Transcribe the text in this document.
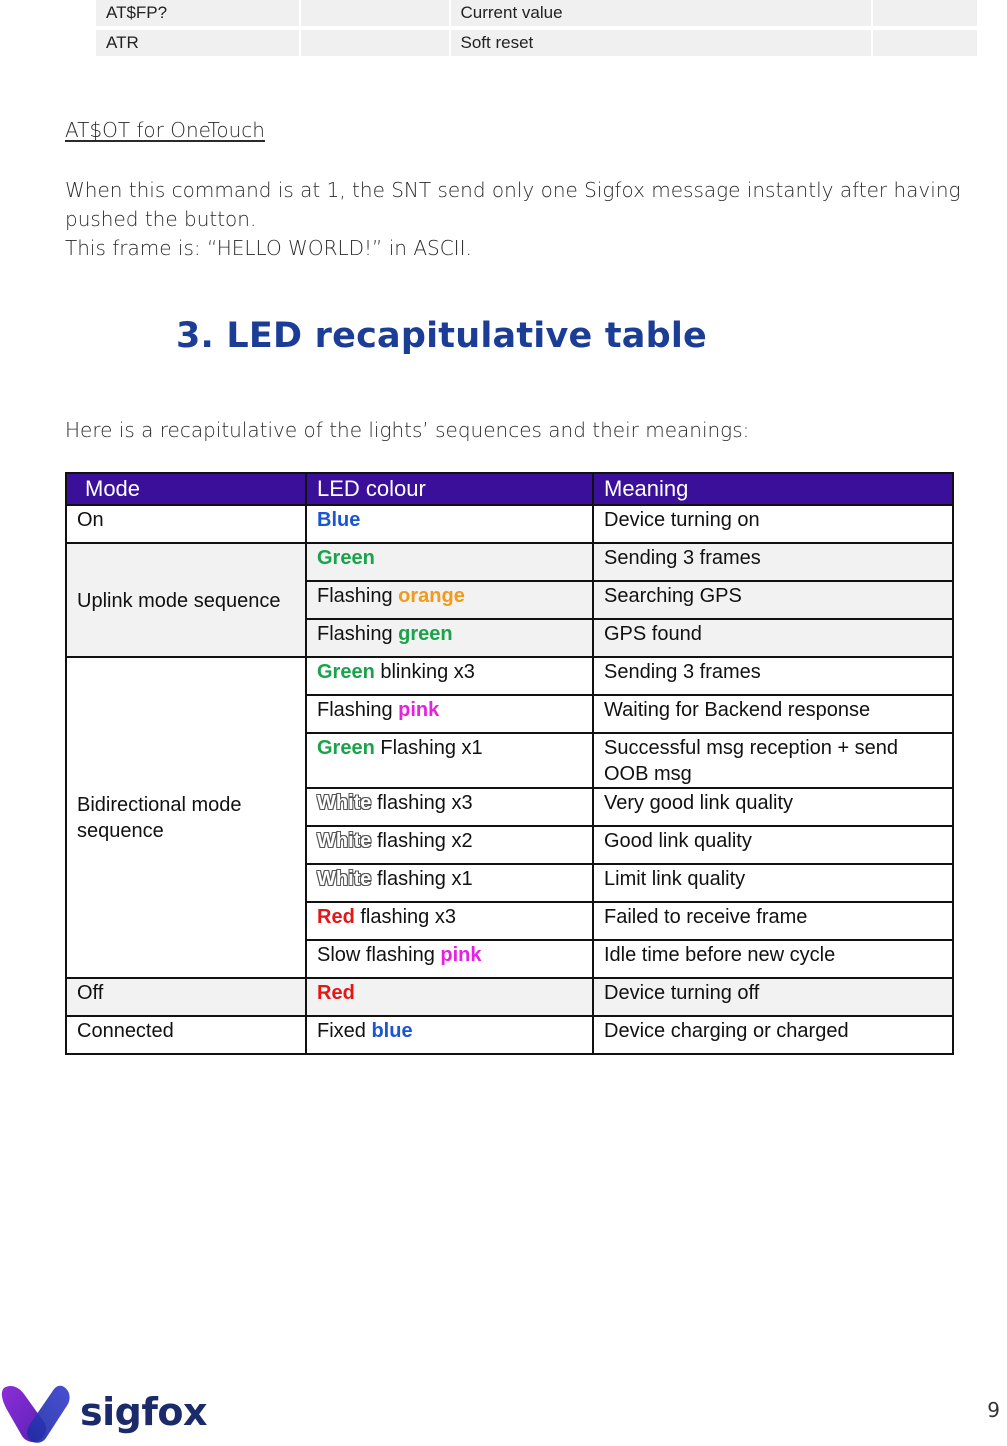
AT$FP?		Current value	
ATR		Soft reset	
AT$OT for OneTouch

When this command is at 1, the SNT send only one Sigfox message instantly after having pushed the button.

This frame is: “HELLO WORLD!” in ASCII.

3. LED recapitulative table
Here is a recapitulative of the lights’ sequences and their meanings:
Mode	LED colour	Meaning
On	Blue	Device turning on
Uplink mode sequence	Green	Sending 3 frames
	Flashing orange	Searching GPS
	Flashing green	GPS found
Bidirectional mode sequence	Green blinking x3	Sending 3 frames
	Flashing pink	Waiting for Backend response
	Green Flashing x1	Successful msg reception + send OOB msg
	White flashing x3	Very good link quality
	White flashing x2	Good link quality
	White flashing x1	Limit link quality
	Red flashing x3	Failed to receive frame
	Slow flashing pink	Idle time before new cycle
Off	Red	Device turning off
Connected	Fixed blue	Device charging or charged
sigfox	9
